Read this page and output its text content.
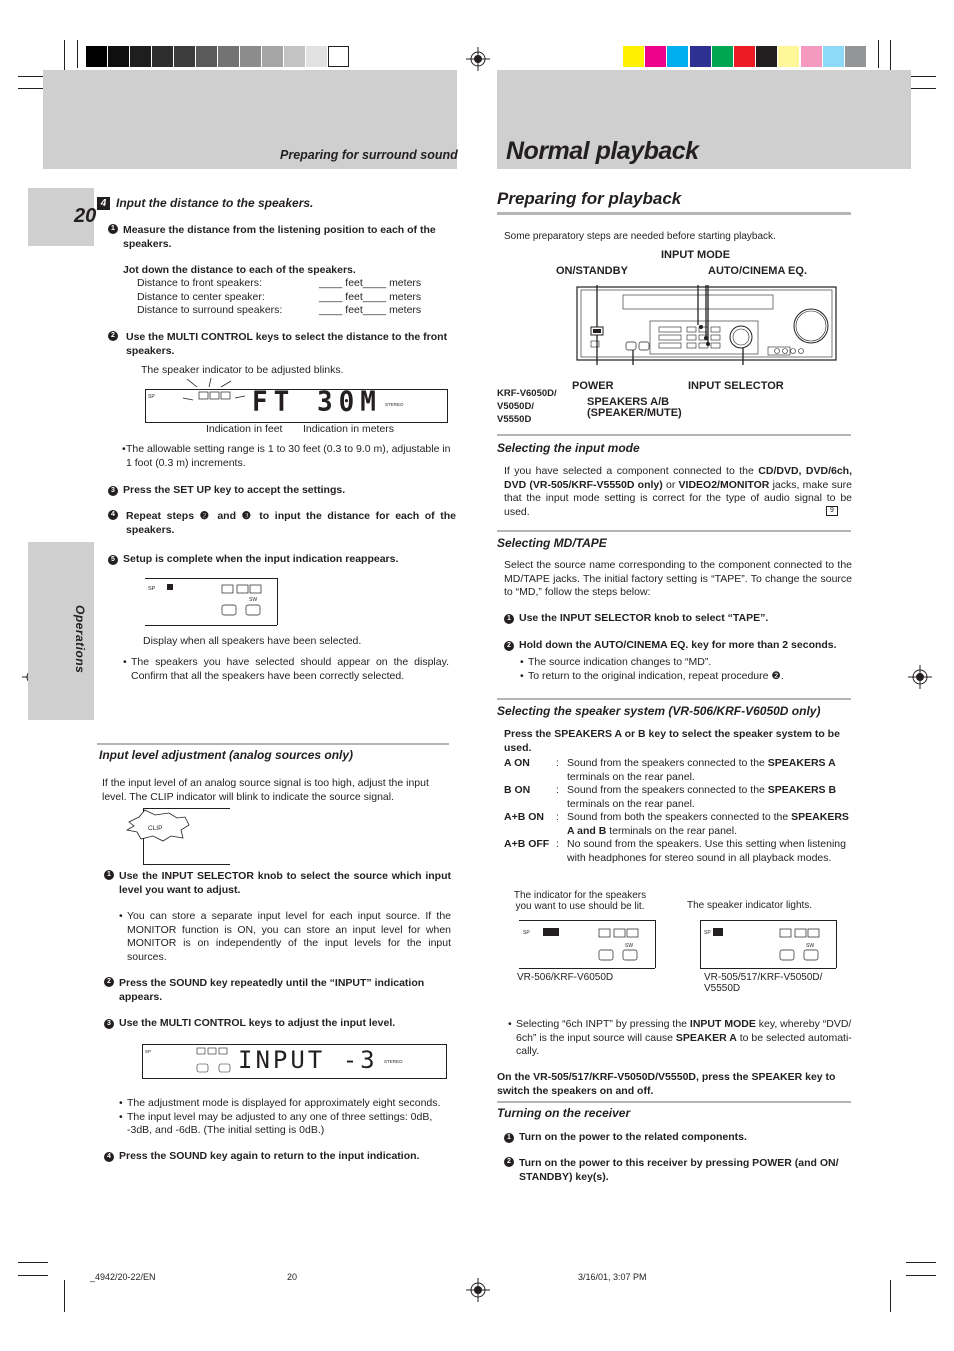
Preparing for surround sound Normal playback
20
Operations
4 Input the distance to the speakers.
1 Measure the distance from the listening position to each of the speakers.
Jot down the distance to each of the speakers.
Distance to front speakers:	____ feet____ meters
Distance to center speaker:	____ feet____ meters
Distance to surround speakers:	____ feet____ meters
2	Use the MULTI CONTROL keys to select the distance to the front speakers.
The speaker indicator to be adjusted blinks.
SP
STEREO
FT 30M
Indication in feet Indication in meters
• The allowable setting range is 1 to 30 feet (0.3 to 9.0 m), adjustable in 1 foot (0.3 m) increments.
3 Press the SET UP key to accept the settings.
4	Repeat steps ❷ and ❸ to input the distance for each of the speakers.
5 Setup is complete when the input indication reappears.
SP
SW
Display when all speakers have been selected.
• The speakers you have selected should appear on the display. Confirm that all the speakers have been correctly selected.
Input level adjustment (analog sources only)
If the input level of an analog source signal is too high, adjust the input level. The CLIP indicator will blink to indicate the source signal.
CLIP
1 Use the INPUT SELECTOR knob to select the source which input level you want to adjust.
• You can store a separate input level for each input source. If the MONITOR function is ON, you can store an input level for when MONITOR is on independently of the input levels for the input sources.
2 Press the SOUND key repeatedly until the “INPUT” indication appears.
3 Use the MULTI CONTROL keys to adjust the input level.
SP
STEREO
INPUT -3
• The adjustment mode is displayed for approximately eight seconds.
• The input level may be adjusted to any one of three settings: 0dB, -3dB, and -6dB. (The initial setting is 0dB.)
4 Press the SOUND key again to return to the input indication.
Preparing for playback
Some preparatory steps are needed before starting playback.
INPUT MODE
ON/STANDBY	AUTO/CINEMA EQ.
POWER	INPUT SELECTOR
SPEAKERS A/B
(SPEAKER/MUTE)
KRF-V6050D/ V5050D/ V5550D
Selecting the input mode
If you have selected a component connected to the CD/DVD, DVD/6ch, DVD (VR-505/KRF-V5550D only) or VIDEO2/MONITOR jacks, make sure that the input mode setting is correct for the type of audio signal to be used.	9
Selecting MD/TAPE
Select the source name corresponding to the component connected to the MD/TAPE jacks. The initial factory setting is “TAPE”. To change the source to “MD,” follow the steps below:
1 Use the INPUT SELECTOR knob to select “TAPE”.
2 Hold down the AUTO/CINEMA EQ. key for more than 2 seconds.
• The source indication changes to “MD”.
• To return to the original indication, repeat procedure ❷.
Selecting the speaker system (VR-506/KRF-V6050D only)
Press the SPEAKERS A or B key to select the speaker system to be used.
A ON : Sound from the speakers connected to the SPEAKERS A terminals on the rear panel.
B ON : Sound from the speakers connected to the SPEAKERS B terminals on the rear panel.
A+B ON : Sound from both the speakers connected to the SPEAKERS A and B terminals on the rear panel.
A+B OFF : No sound from the speakers. Use this setting when listening with headphones for stereo sound in all playback modes.
The indicator for the speakers you want to use should be lit.	The speaker indicator lights.
SP
SW
SP
SW
VR-506/KRF-V6050D	VR-505/517/KRF-V5050D/ V5550D
• Selecting “6ch INPT” by pressing the INPUT MODE key, whereby “DVD/ 6ch” is the input source will cause SPEAKER A to be selected automati- cally.
On the VR-505/517/KRF-V5050D/V5550D, press the SPEAKER key to switch the speakers on and off.
Turning on the receiver
1 Turn on the power to the related components.
2 Turn on the power to this receiver by pressing POWER (and ON/ STANDBY) key(s).
_4942/20-22/EN	20	3/16/01, 3:07 PM
